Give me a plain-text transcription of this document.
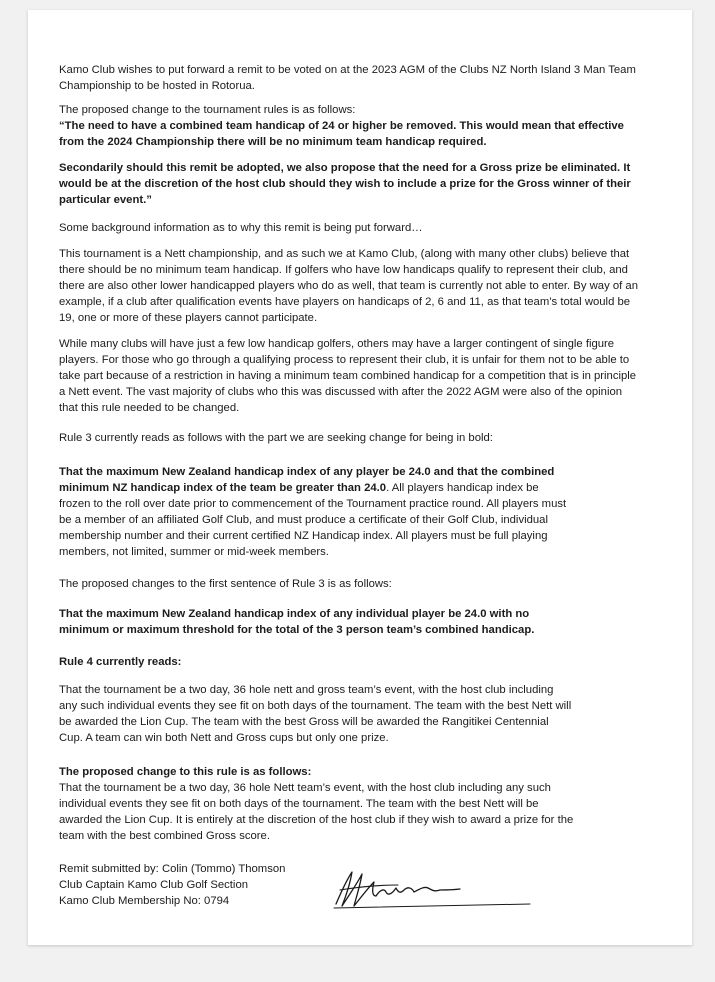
Kamo Club wishes to put forward a remit to be voted on at the 2023 AGM of the Clubs NZ North Island 3 Man Team
Championship to be hosted in Rotorua.

The proposed change to the tournament rules is as follows:

“The need to have a combined team handicap of 24 or higher be removed. This would mean that effective
from the 2024 Championship there will be no minimum team handicap required.

Secondarily should this remit be adopted, we also propose that the need for a Gross prize be eliminated. It
would be at the discretion of the host club should they wish to include a prize for the Gross winner of their
particular event.”

Some background information as to why this remit is being put forward…

This tournament is a Nett championship, and as such we at Kamo Club, (along with many other clubs) believe that
there should be no minimum team handicap. If golfers who have low handicaps qualify to represent their club, and
there are also other lower handicapped players who do as well, that team is currently not able to enter. By way of an
example, if a club after qualification events have players on handicaps of 2, 6 and 11, as that team’s total would be
19, one or more of these players cannot participate.

While many clubs will have just a few low handicap golfers, others may have a larger contingent of single figure
players. For those who go through a qualifying process to represent their club, it is unfair for them not to be able to
take part because of a restriction in having a minimum team combined handicap for a competition that is in principle
a Nett event. The vast majority of clubs who this was discussed with after the 2022 AGM were also of the opinion
that this rule needed to be changed.

Rule 3 currently reads as follows with the part we are seeking change for being in bold:

That the maximum New Zealand handicap index of any player be 24.0 and that the combined
minimum NZ handicap index of the team be greater than 24.0. All players handicap index be
frozen to the roll over date prior to commencement of the Tournament practice round. All players must
be a member of an affiliated Golf Club, and must produce a certificate of their Golf Club, individual
membership number and their current certified NZ Handicap index. All players must be full playing
members, not limited, summer or mid-week members.

The proposed changes to the first sentence of Rule 3 is as follows:

That the maximum New Zealand handicap index of any individual player be 24.0 with no
minimum or maximum threshold for the total of the 3 person team’s combined handicap.

Rule 4 currently reads:

That the tournament be a two day, 36 hole nett and gross team’s event, with the host club including
any such individual events they see fit on both days of the tournament. The team with the best Nett will
be awarded the Lion Cup. The team with the best Gross will be awarded the Rangitikei Centennial
Cup. A team can win both Nett and Gross cups but only one prize.

The proposed change to this rule is as follows:

That the tournament be a two day, 36 hole Nett team’s event, with the host club including any such
individual events they see fit on both days of the tournament. The team with the best Nett will be
awarded the Lion Cup. It is entirely at the discretion of the host club if they wish to award a prize for the
team with the best combined Gross score.

Remit submitted by: Colin (Tommo) Thomson
Club Captain Kamo Club Golf Section
Kamo Club Membership No: 0794
